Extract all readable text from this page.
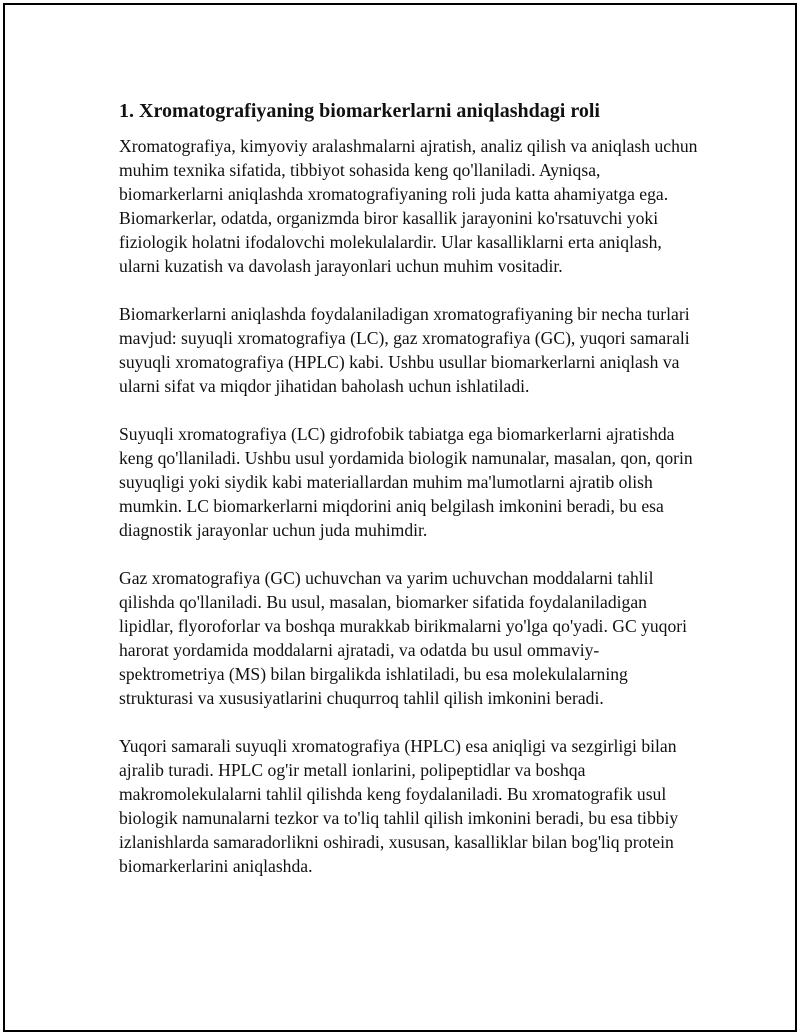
1. Xromatografiyaning biomarkerlarni aniqlashdagi roli

Xromatografiya, kimyoviy aralashmalarni ajratish, analiz qilish va aniqlash uchun muhim texnika sifatida, tibbiyot sohasida keng qo'llaniladi. Ayniqsa, biomarkerlarni aniqlashda xromatografiyaning roli juda katta ahamiyatga ega. Biomarkerlar, odatda, organizmda biror kasallik jarayonini ko'rsatuvchi yoki fiziologik holatni ifodalovchi molekulalardir. Ular kasalliklarni erta aniqlash, ularni kuzatish va davolash jarayonlari uchun muhim vositadir.

Biomarkerlarni aniqlashda foydalaniladigan xromatografiyaning bir necha turlari mavjud: suyuqli xromatografiya (LC), gaz xromatografiya (GC), yuqori samarali suyuqli xromatografiya (HPLC) kabi. Ushbu usullar biomarkerlarni aniqlash va ularni sifat va miqdor jihatidan baholash uchun ishlatiladi.

Suyuqli xromatografiya (LC) gidrofobik tabiatga ega biomarkerlarni ajratishda keng qo'llaniladi. Ushbu usul yordamida biologik namunalar, masalan, qon, qorin suyuqligi yoki siydik kabi materiallardan muhim ma'lumotlarni ajratib olish mumkin. LC biomarkerlarni miqdorini aniq belgilash imkonini beradi, bu esa diagnostik jarayonlar uchun juda muhimdir.

Gaz xromatografiya (GC) uchuvchan va yarim uchuvchan moddalarni tahlil qilishda qo'llaniladi. Bu usul, masalan, biomarker sifatida foydalaniladigan lipidlar, flyoroforlar va boshqa murakkab birikmalarni yo'lga qo'yadi. GC yuqori harorat yordamida moddalarni ajratadi, va odatda bu usul ommaviy-spektrometriya (MS) bilan birgalikda ishlatiladi, bu esa molekulalarning strukturasi va xususiyatlarini chuqurroq tahlil qilish imkonini beradi.

Yuqori samarali suyuqli xromatografiya (HPLC) esa aniqligi va sezgirligi bilan ajralib turadi. HPLC og'ir metall ionlarini, polipeptidlar va boshqa makromolekulalarni tahlil qilishda keng foydalaniladi. Bu xromatografik usul biologik namunalarni tezkor va to'liq tahlil qilish imkonini beradi, bu esa tibbiy izlanishlarda samaradorlikni oshiradi, xususan, kasalliklar bilan bog'liq protein biomarkerlarini aniqlashda.
